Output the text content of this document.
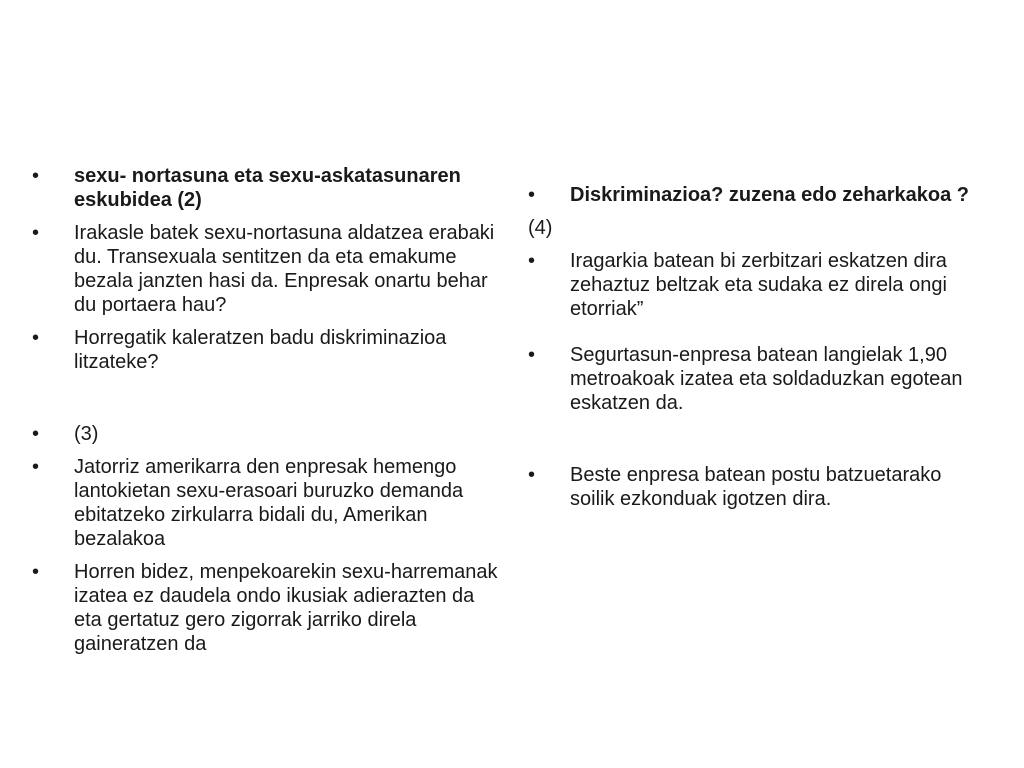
•	sexu- nortasuna eta sexu-askatasunaren eskubidea (2)
•	Irakasle batek sexu-nortasuna aldatzea erabaki du. Transexuala sentitzen da eta emakume bezala janzten hasi da. Enpresak onartu behar du portaera hau?
•	Horregatik kaleratzen badu diskriminazioa litzateke?
•	(3)
•	Jatorriz amerikarra den enpresak hemengo lantokietan sexu-erasoari buruzko demanda ebitatzeko zirkularra bidali du, Amerikan bezalakoa
•	Horren bidez, menpekoarekin sexu-harremanak izatea ez daudela ondo ikusiak adierazten da eta gertatuz gero zigorrak jarriko direla gaineratzen da
•	Diskriminazioa? zuzena edo zeharkakoa ?
(4)
•	Iragarkia batean bi zerbitzari eskatzen dira zehaztuz beltzak eta sudaka ez direla ongi etorriak”
•	Segurtasun-enpresa batean langielak 1,90 metroakoak izatea eta soldaduzkan egotean eskatzen da.
•	Beste enpresa batean postu batzuetarako soilik ezkonduak igotzen dira.
